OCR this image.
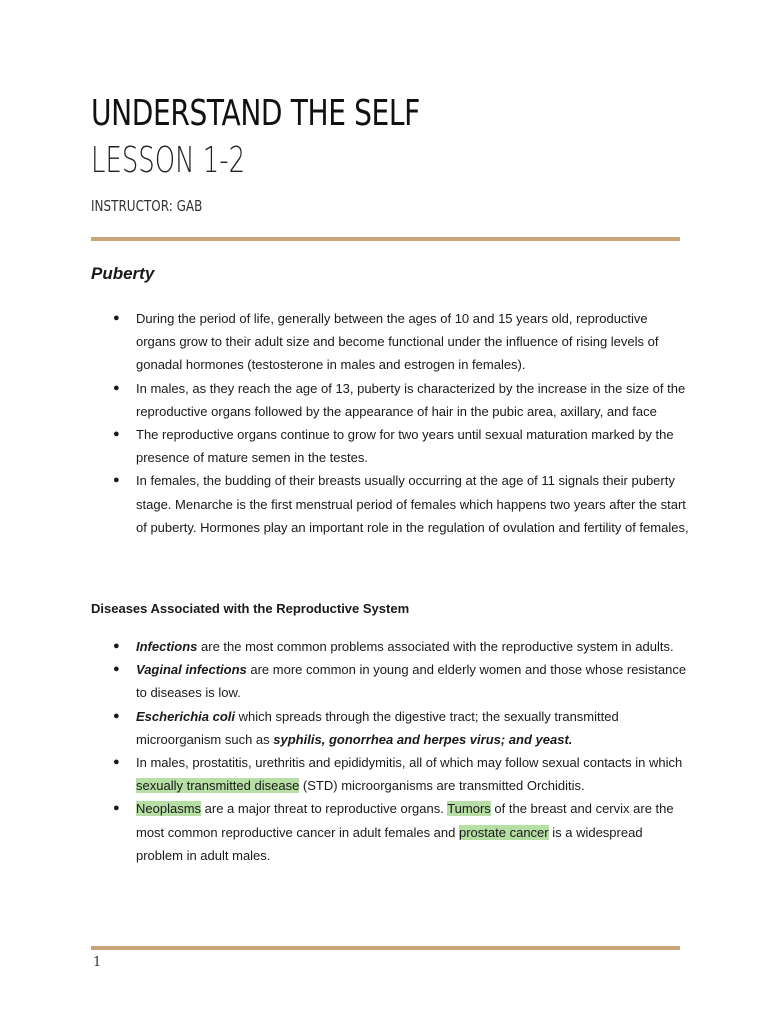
UNDERSTAND THE SELF
LESSON 1-2
INSTRUCTOR: GAB
Puberty
● During the period of life, generally between the ages of 10 and 15 years old, reproductive organs grow to their adult size and become functional under the influence of rising levels of gonadal hormones (testosterone in males and estrogen in females).
● In males, as they reach the age of 13, puberty is characterized by the increase in the size of the reproductive organs followed by the appearance of hair in the pubic area, axillary, and face
● The reproductive organs continue to grow for two years until sexual maturation marked by the presence of mature semen in the testes.
● In females, the budding of their breasts usually occurring at the age of 11 signals their puberty stage. Menarche is the first menstrual period of females which happens two years after the start of puberty. Hormones play an important role in the regulation of ovulation and fertility of females,
Diseases Associated with the Reproductive System
● Infections are the most common problems associated with the reproductive system in adults.
● Vaginal infections are more common in young and elderly women and those whose resistance to diseases is low.
● Escherichia coli which spreads through the digestive tract; the sexually transmitted microorganism such as syphilis, gonorrhea and herpes virus; and yeast.
● In males, prostatitis, urethritis and epididymitis, all of which may follow sexual contacts in which sexually transmitted disease (STD) microorganisms are transmitted Orchiditis.
● Neoplasms are a major threat to reproductive organs. Tumors of the breast and cervix are the most common reproductive cancer in adult females and prostate cancer is a widespread problem in adult males.
1
